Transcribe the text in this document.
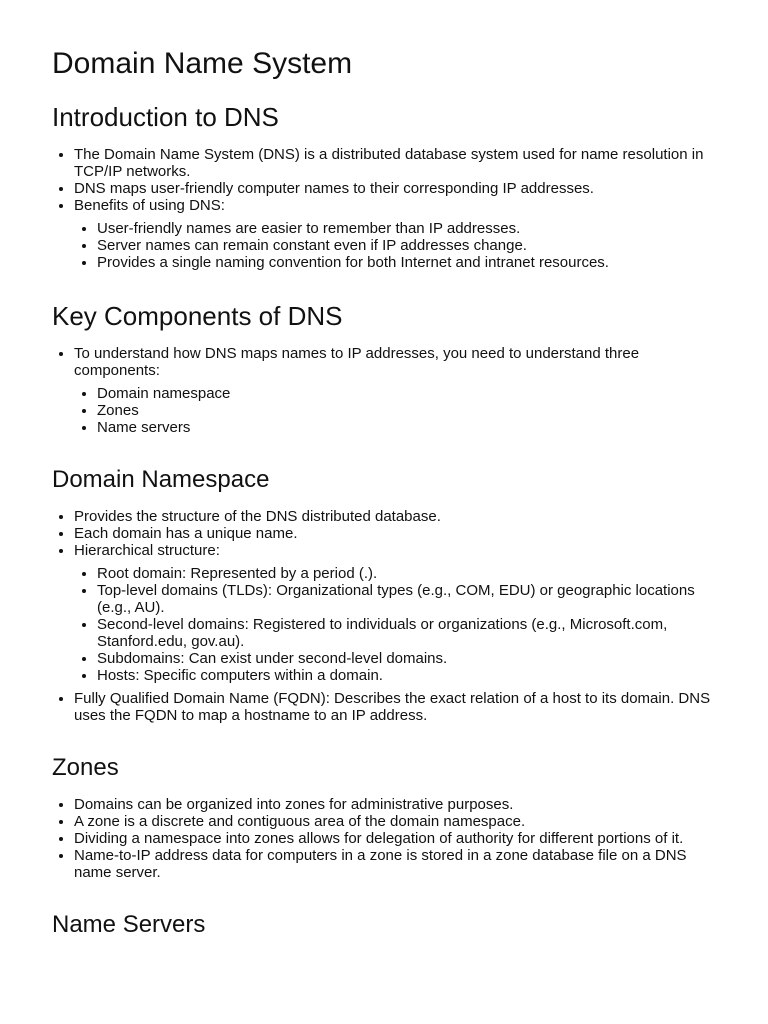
Domain Name System
Introduction to DNS
• The Domain Name System (DNS) is a distributed database system used for name resolution in TCP/IP networks.
• DNS maps user-friendly computer names to their corresponding IP addresses.
• Benefits of using DNS:
• User-friendly names are easier to remember than IP addresses.
• Server names can remain constant even if IP addresses change.
• Provides a single naming convention for both Internet and intranet resources.
Key Components of DNS
• To understand how DNS maps names to IP addresses, you need to understand three components:
• Domain namespace
• Zones
• Name servers
Domain Namespace
• Provides the structure of the DNS distributed database.
• Each domain has a unique name.
• Hierarchical structure:
• Root domain: Represented by a period (.).
• Top-level domains (TLDs): Organizational types (e.g., COM, EDU) or geographic locations (e.g., AU).
• Second-level domains: Registered to individuals or organizations (e.g., Microsoft.com, Stanford.edu, gov.au).
• Subdomains: Can exist under second-level domains.
• Hosts: Specific computers within a domain.
• Fully Qualified Domain Name (FQDN): Describes the exact relation of a host to its domain. DNS uses the FQDN to map a hostname to an IP address.
Zones
• Domains can be organized into zones for administrative purposes.
• A zone is a discrete and contiguous area of the domain namespace.
• Dividing a namespace into zones allows for delegation of authority for different portions of it.
• Name-to-IP address data for computers in a zone is stored in a zone database file on a DNS name server.
Name Servers
